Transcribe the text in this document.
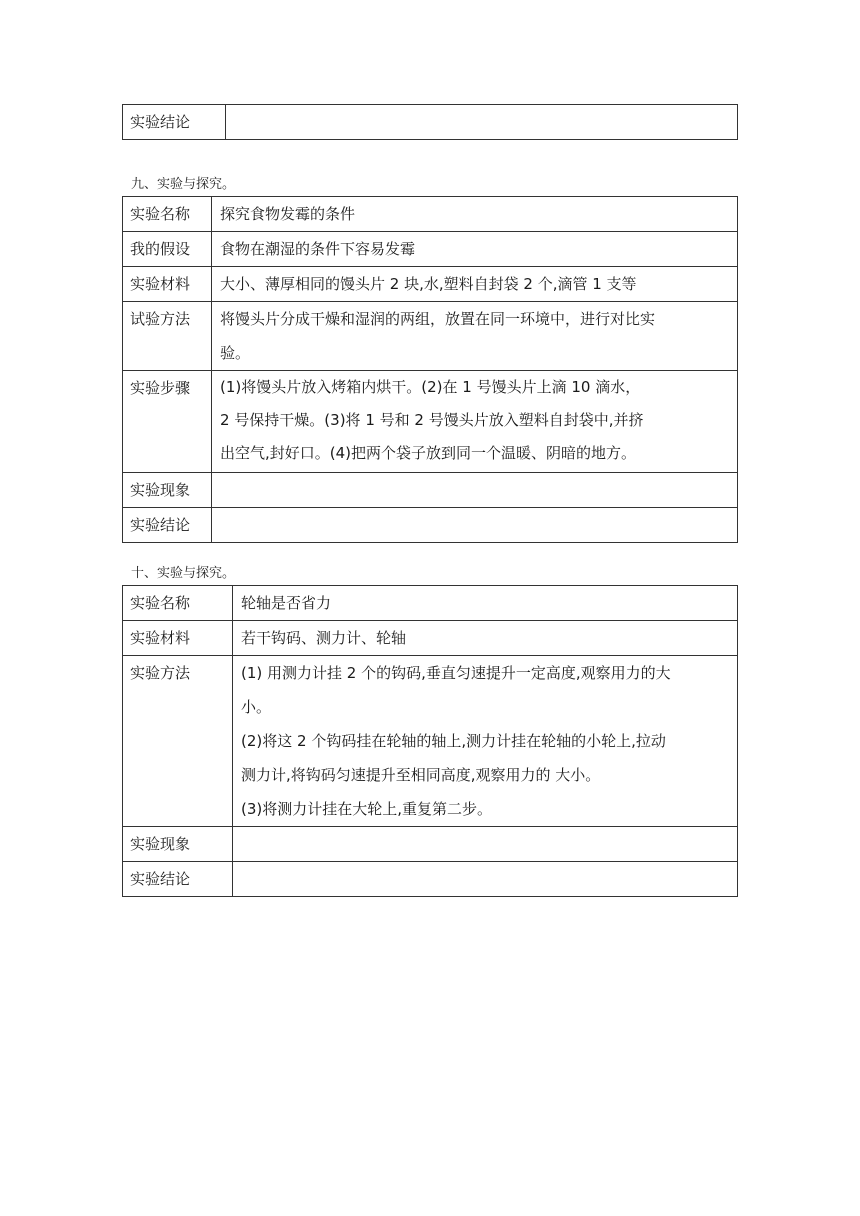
实验结论	
九、实验与探究。
实验名称	探究食物发霉的条件
我的假设	食物在潮湿的条件下容易发霉
实验材料	大小、薄厚相同的馒头片 2 块,水,塑料自封袋 2 个,滴管 1 支等
试验方法	将馒头片分成干燥和湿润的两组，放置在同一环境中，进行对比实
验。

实验步骤	(1)将馒头片放入烤箱内烘干。(2)在 1 号馒头片上滴 10 滴水，
2 号保持干燥。(3)将 1 号和 2 号馒头片放入塑料自封袋中,并挤
出空气,封好口。(4)把两个袋子放到同一个温暖、阴暗的地方。

实验现象	
实验结论	
十、实验与探究。
实验名称	轮轴是否省力
实验材料	若干钩码、测力计、轮轴
实验方法	(1) 用测力计挂 2 个的钩码,垂直匀速提升一定高度,观察用力的大
小。
(2)将这 2 个钩码挂在轮轴的轴上,测力计挂在轮轴的小轮上,拉动
测力计,将钩码匀速提升至相同高度,观察用力的 大小。
(3)将测力计挂在大轮上,重复第二步。

实验现象	
实验结论	
